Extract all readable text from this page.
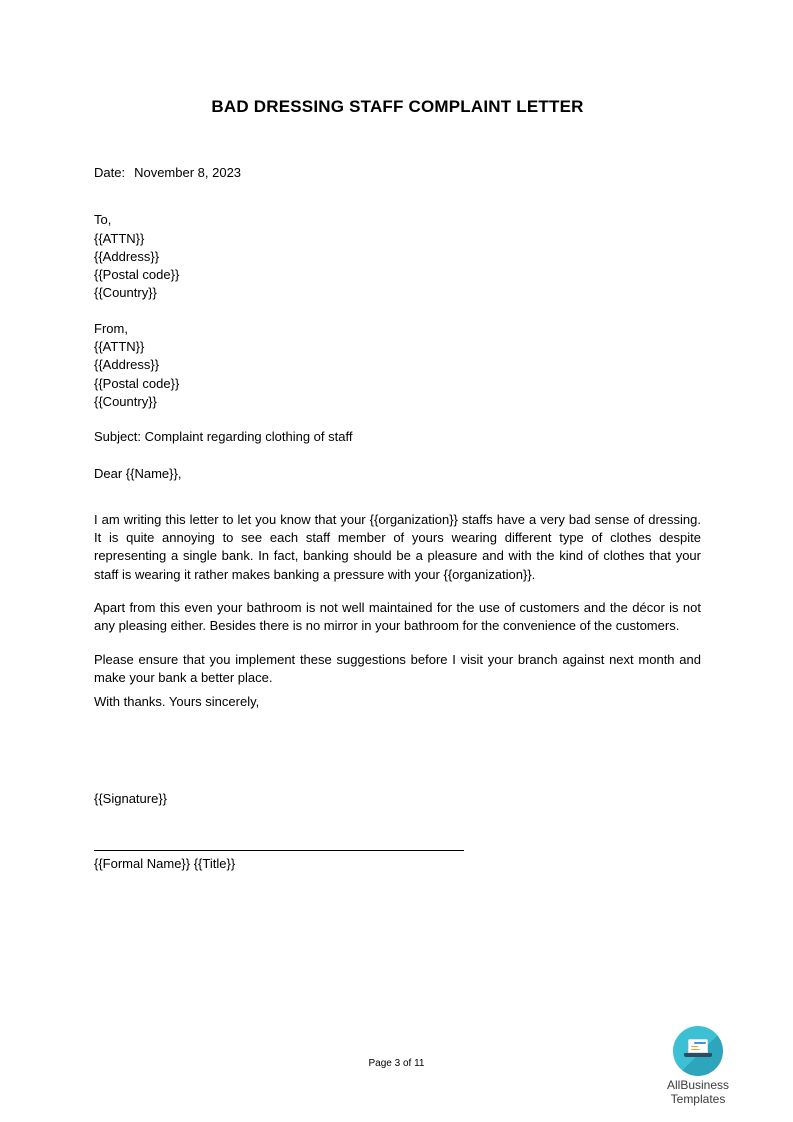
BAD DRESSING STAFF COMPLAINT LETTER
Date: November 8, 2023
To,
{{ATTN}}
{{Address}}
{{Postal code}}
{{Country}}
From,
{{ATTN}}
{{Address}}
{{Postal code}}
{{Country}}
Subject: Complaint regarding clothing of staff
Dear {{Name}},

I am writing this letter to let you know that your {{organization}} staffs have a very bad sense of dressing. It is quite annoying to see each staff member of yours wearing different type of clothes despite representing a single bank. In fact, banking should be a pleasure and with the kind of clothes that your staff is wearing it rather makes banking a pressure with your {{organization}}.

Apart from this even your bathroom is not well maintained for the use of customers and the décor is not any pleasing either. Besides there is no mirror in your bathroom for the convenience of the customers.

Please ensure that you implement these suggestions before I visit your branch against next month and make your bank a better place.

With thanks. Yours sincerely,
{{Signature}}
{{Formal Name}} {{Title}}
Page 3 of 11
AllBusiness
Templates
